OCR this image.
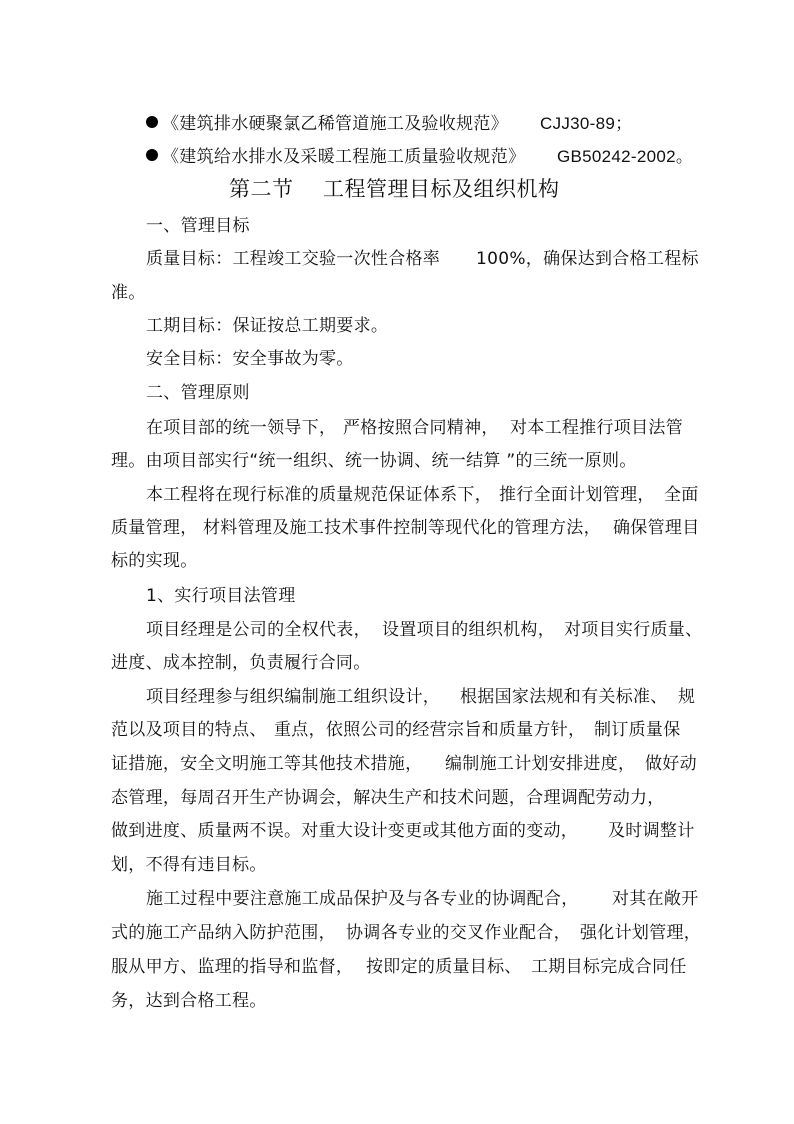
《建筑排水硬聚氯乙稀管道施工及验收规范》 CJJ30-89；
《建筑给水排水及采暖工程施工质量验收规范》 GB50242-2002。
第二节 工程管理目标及组织机构
一、管理目标
质量目标：工程竣工交验一次性合格率 100%，确保达到合格工程标
准。
工期目标：保证按总工期要求。
安全目标：安全事故为零。
二、管理原则
在项目部的统一领导下， 严格按照合同精神， 对本工程推行项目法管
理。由项目部实行“统一组织、统一协调、统一结算 ”的三统一原则。
本工程将在现行标准的质量规范保证体系下， 推行全面计划管理， 全面
质量管理， 材料管理及施工技术事件控制等现代化的管理方法， 确保管理目
标的实现。
1、实行项目法管理
项目经理是公司的全权代表， 设置项目的组织机构， 对项目实行质量、
进度、成本控制，负责履行合同。
项目经理参与组织编制施工组织设计， 根据国家法规和有关标准、 规
范以及项目的特点、 重点，依照公司的经营宗旨和质量方针， 制订质量保
证措施，安全文明施工等其他技术措施， 编制施工计划安排进度， 做好动
态管理，每周召开生产协调会，解决生产和技术问题，合理调配劳动力，
做到进度、质量两不误。对重大设计变更或其他方面的变动， 及时调整计
划，不得有违目标。
施工过程中要注意施工成品保护及与各专业的协调配合， 对其在敞开
式的施工产品纳入防护范围， 协调各专业的交叉作业配合， 强化计划管理，
服从甲方、监理的指导和监督， 按即定的质量目标、 工期目标完成合同任
务，达到合格工程。
